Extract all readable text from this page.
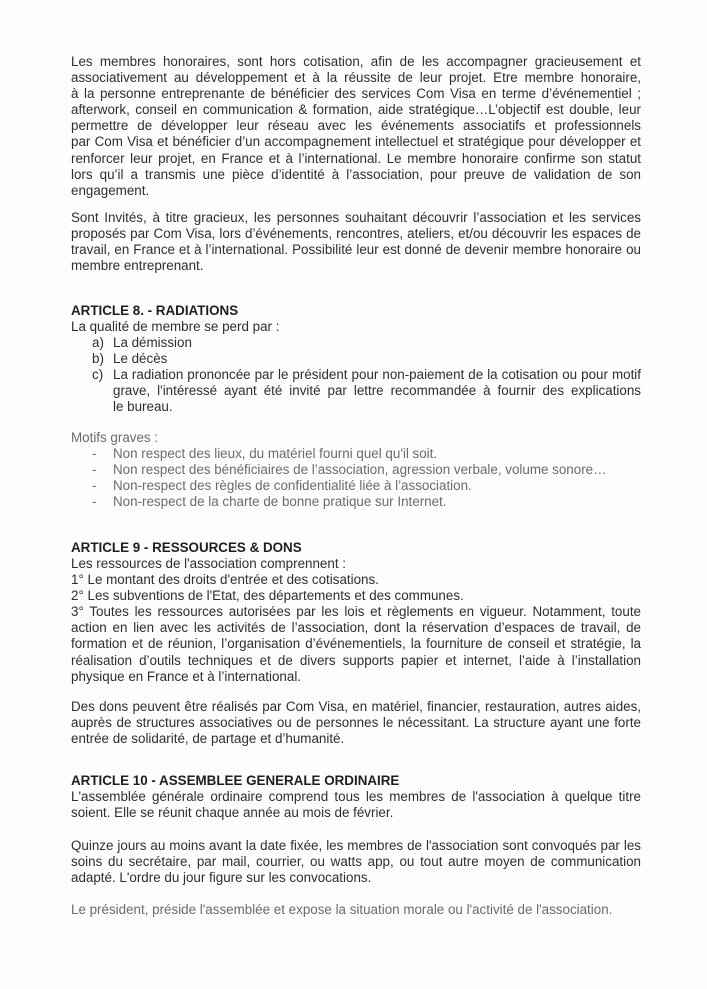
Les membres honoraires, sont hors cotisation, afin de les accompagner gracieusement et
associativement au développement et à la réussite de leur projet. Etre membre honoraire,
à la personne entreprenante de bénéficier des services Com Visa en terme d’événementiel ;
afterwork, conseil en communication & formation, aide stratégique…L’objectif est double, leur
permettre de développer leur réseau avec les événements associatifs et professionnels
par Com Visa et bénéficier d’un accompagnement intellectuel et stratégique pour développer et
renforcer leur projet, en France et à l’international. Le membre honoraire confirme son statut
lors qu’il a transmis une pièce d’identité à l’association, pour preuve de validation de son
engagement.
Sont Invités, à titre gracieux, les personnes souhaitant découvrir l’association et les services
proposés par Com Visa, lors d’événements, rencontres, ateliers, et/ou découvrir les espaces de
travail, en France et à l’international. Possibilité leur est donné de devenir membre honoraire ou
membre entreprenant.
ARTICLE 8. - RADIATIONS
La qualité de membre se perd par :
a) La démission
b) Le décès
c) La radiation prononcée par le président pour non-paiement de la cotisation ou pour motif
grave, l'intéressé ayant été invité par lettre recommandée à fournir des explications
le bureau.
Motifs graves :
- Non respect des lieux, du matériel fourni quel qu'il soit.
- Non respect des bénéficiaires de l’association, agression verbale, volume sonore…
- Non-respect des règles de confidentialité liée à l’association.
- Non-respect de la charte de bonne pratique sur Internet.
ARTICLE 9 - RESSOURCES & DONS
Les ressources de l'association comprennent :
1° Le montant des droits d'entrée et des cotisations.
2° Les subventions de l'Etat, des départements et des communes.
3° Toutes les ressources autorisées par les lois et règlements en vigueur. Notamment, toute
action en lien avec les activités de l’association, dont la réservation d’espaces de travail, de
formation et de réunion, l’organisation d’événementiels, la fourniture de conseil et stratégie, la
réalisation d’outils techniques et de divers supports papier et internet, l’aide à l’installation
physique en France et à l’international.
Des dons peuvent être réalisés par Com Visa, en matériel, financier, restauration, autres aides,
auprès de structures associatives ou de personnes le nécessitant. La structure ayant une forte
entrée de solidarité, de partage et d’humanité.
ARTICLE 10 - ASSEMBLEE GENERALE ORDINAIRE
L'assemblée générale ordinaire comprend tous les membres de l'association à quelque titre
soient. Elle se réunit chaque année au mois de février.
Quinze jours au moins avant la date fixée, les membres de l'association sont convoqués par les
soins du secrétaire, par mail, courrier, ou watts app, ou tout autre moyen de communication
adapté. L'ordre du jour figure sur les convocations.
Le président, préside l'assemblée et expose la situation morale ou l'activité de l'association.
